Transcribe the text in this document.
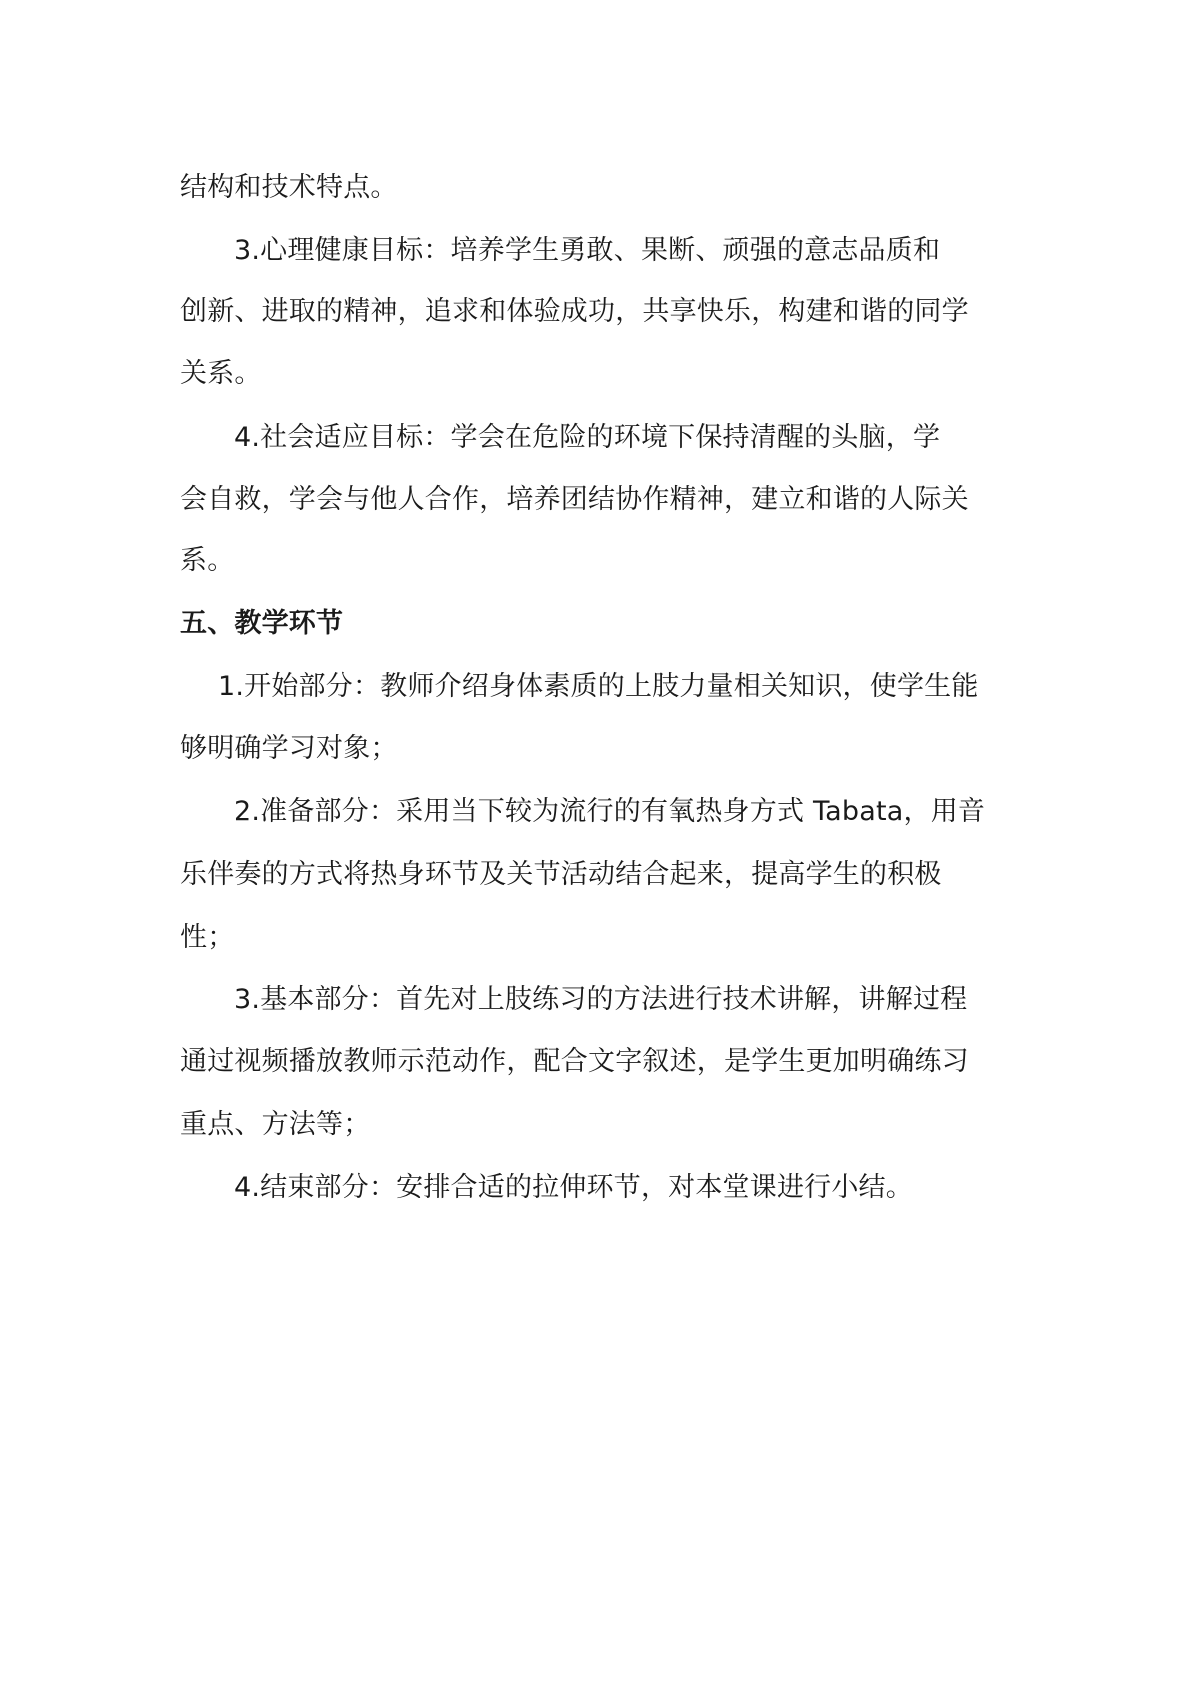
结构和技术特点。
3.心理健康目标：培养学生勇敢、果断、顽强的意志品质和
创新、进取的精神，追求和体验成功，共享快乐，构建和谐的同学
关系。
4.社会适应目标：学会在危险的环境下保持清醒的头脑，学
会自救，学会与他人合作，培养团结协作精神，建立和谐的人际关
系。
五、教学环节
1.开始部分：教师介绍身体素质的上肢力量相关知识，使学生能
够明确学习对象；
2.准备部分：采用当下较为流行的有氧热身方式 Tabata，用音
乐伴奏的方式将热身环节及关节活动结合起来，提高学生的积极
性；
3.基本部分：首先对上肢练习的方法进行技术讲解，讲解过程
通过视频播放教师示范动作，配合文字叙述，是学生更加明确练习
重点、方法等；
4.结束部分：安排合适的拉伸环节，对本堂课进行小结。
